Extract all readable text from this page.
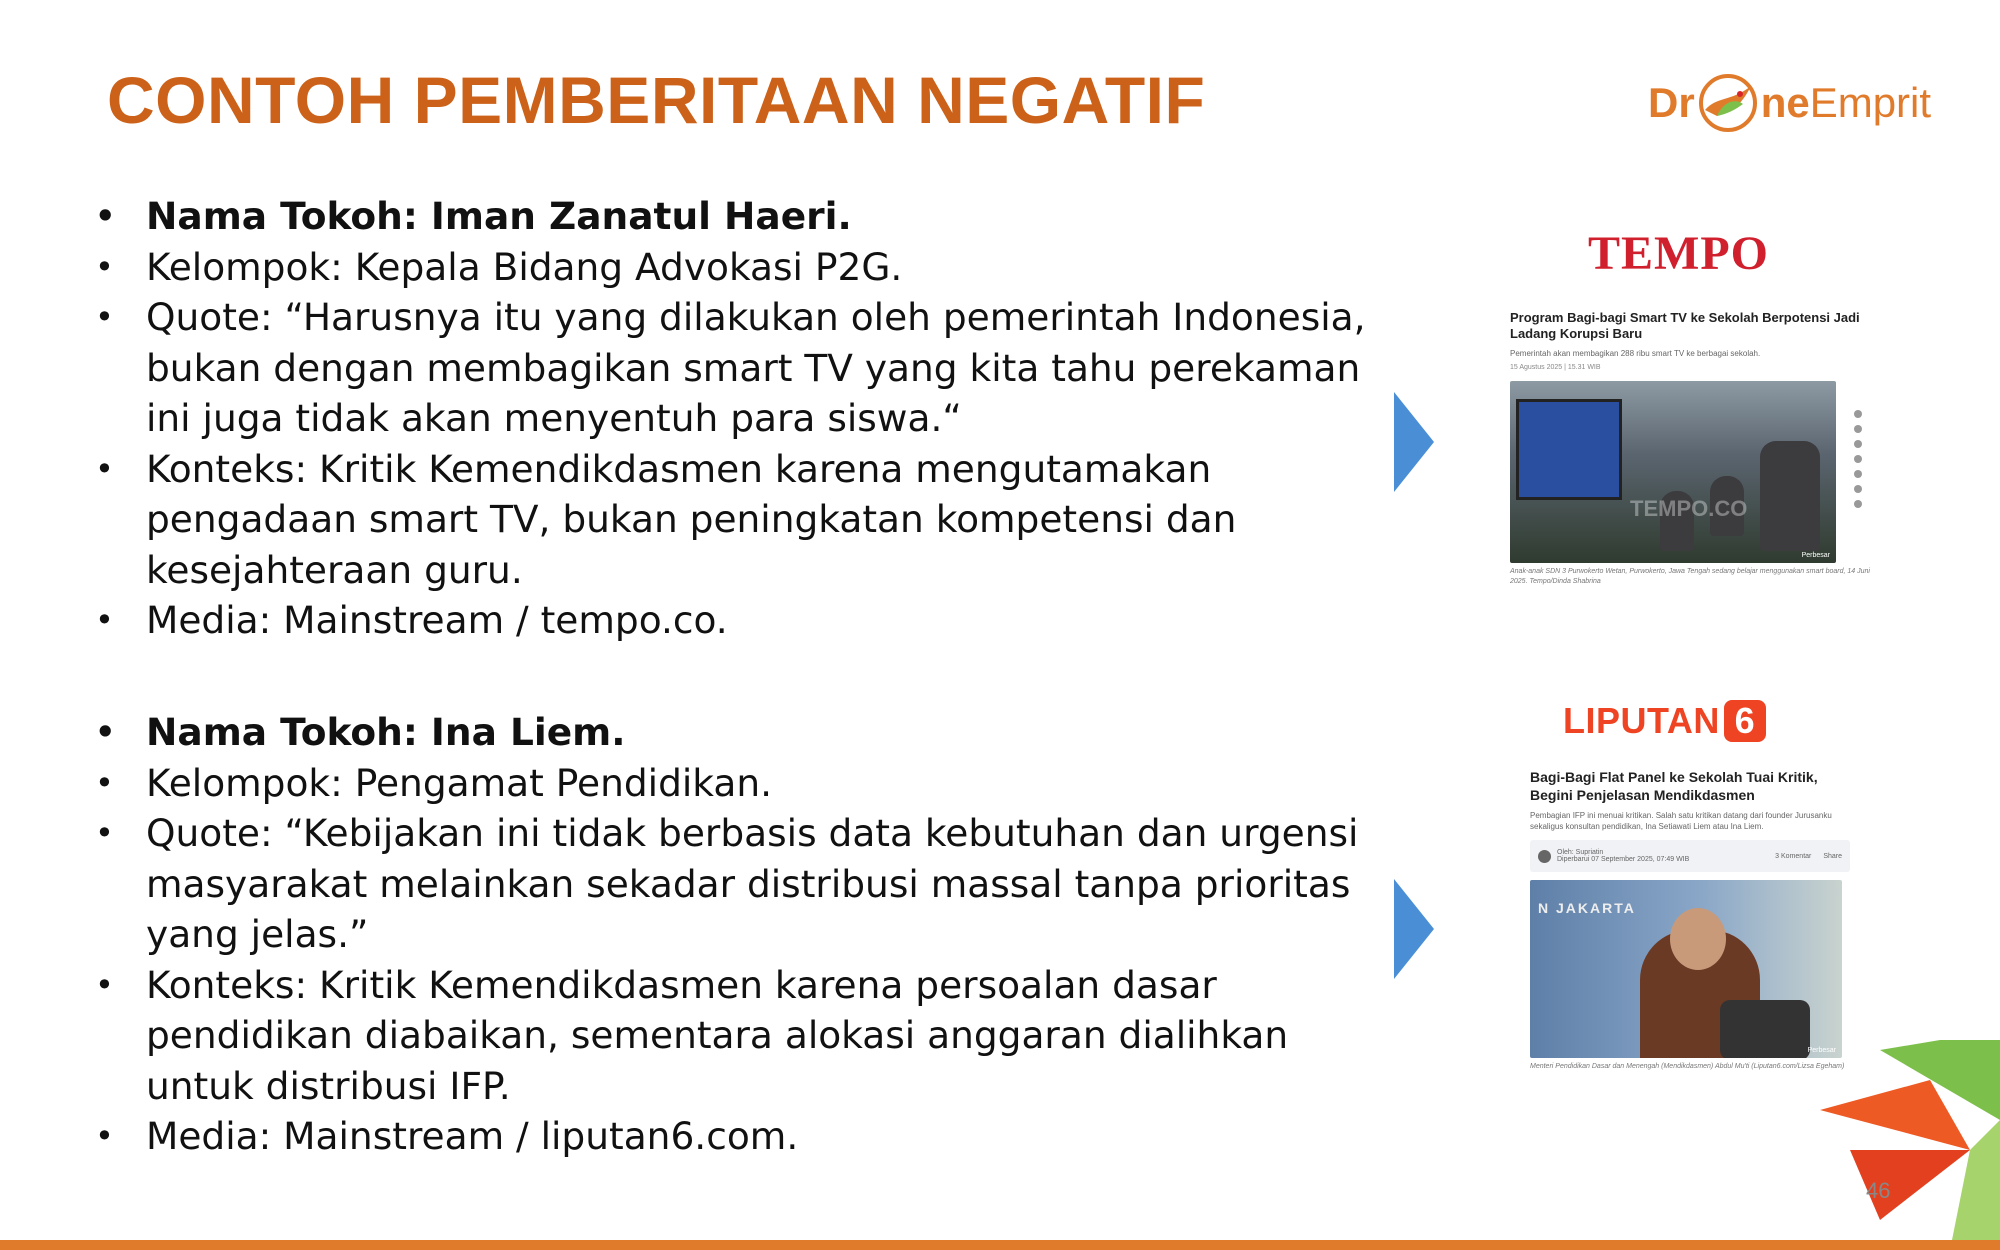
CONTOH PEMBERITAAN NEGATIF	Dr ne Emprit
• Nama Tokoh: Iman Zanatul Haeri.
• Kelompok: Kepala Bidang Advokasi P2G.
• Quote: “Harusnya itu yang dilakukan oleh pemerintah Indonesia, bukan dengan membagikan smart TV yang kita tahu perekaman ini juga tidak akan menyentuh para siswa.“
• Konteks: Kritik Kemendikdasmen karena mengutamakan pengadaan smart TV, bukan peningkatan kompetensi dan kesejahteraan guru.
• Media: Mainstream / tempo.co.
• Nama Tokoh: Ina Liem.
• Kelompok: Pengamat Pendidikan.
• Quote: “Kebijakan ini tidak berbasis data kebutuhan dan urgensi masyarakat melainkan sekadar distribusi massal tanpa prioritas yang jelas.”
• Konteks: Kritik Kemendikdasmen karena persoalan dasar pendidikan diabaikan, sementara alokasi anggaran dialihkan untuk distribusi IFP.
• Media: Mainstream / liputan6.com.
TEMPO
Program Bagi-bagi Smart TV ke Sekolah Berpotensi Jadi Ladang Korupsi Baru
Pemerintah akan membagikan 288 ribu smart TV ke berbagai sekolah.
15 Agustus 2025 | 15.31 WIB
TEMPO.CO
Perbesar
Anak-anak SDN 3 Purwokerto Wetan, Purwokerto, Jawa Tengah sedang belajar menggunakan smart board, 14 Juni 2025. Tempo/Dinda Shabrina
LIPUTAN 6
Bagi-Bagi Flat Panel ke Sekolah Tuai Kritik, Begini Penjelasan Mendikdasmen
Pembagian IFP ini menuai kritikan. Salah satu kritikan datang dari founder Jurusanku sekaligus konsultan pendidikan, Ina Setiawati Liem atau Ina Liem.
Oleh: Supriatin
Diperbarui 07 September 2025, 07:49 WIB	3 Komentar Share
N JAKARTA
Perbesar
Menteri Pendidikan Dasar dan Menengah (Mendikdasmen) Abdul Mu'ti (Liputan6.com/Lizsa Egeham)
46
